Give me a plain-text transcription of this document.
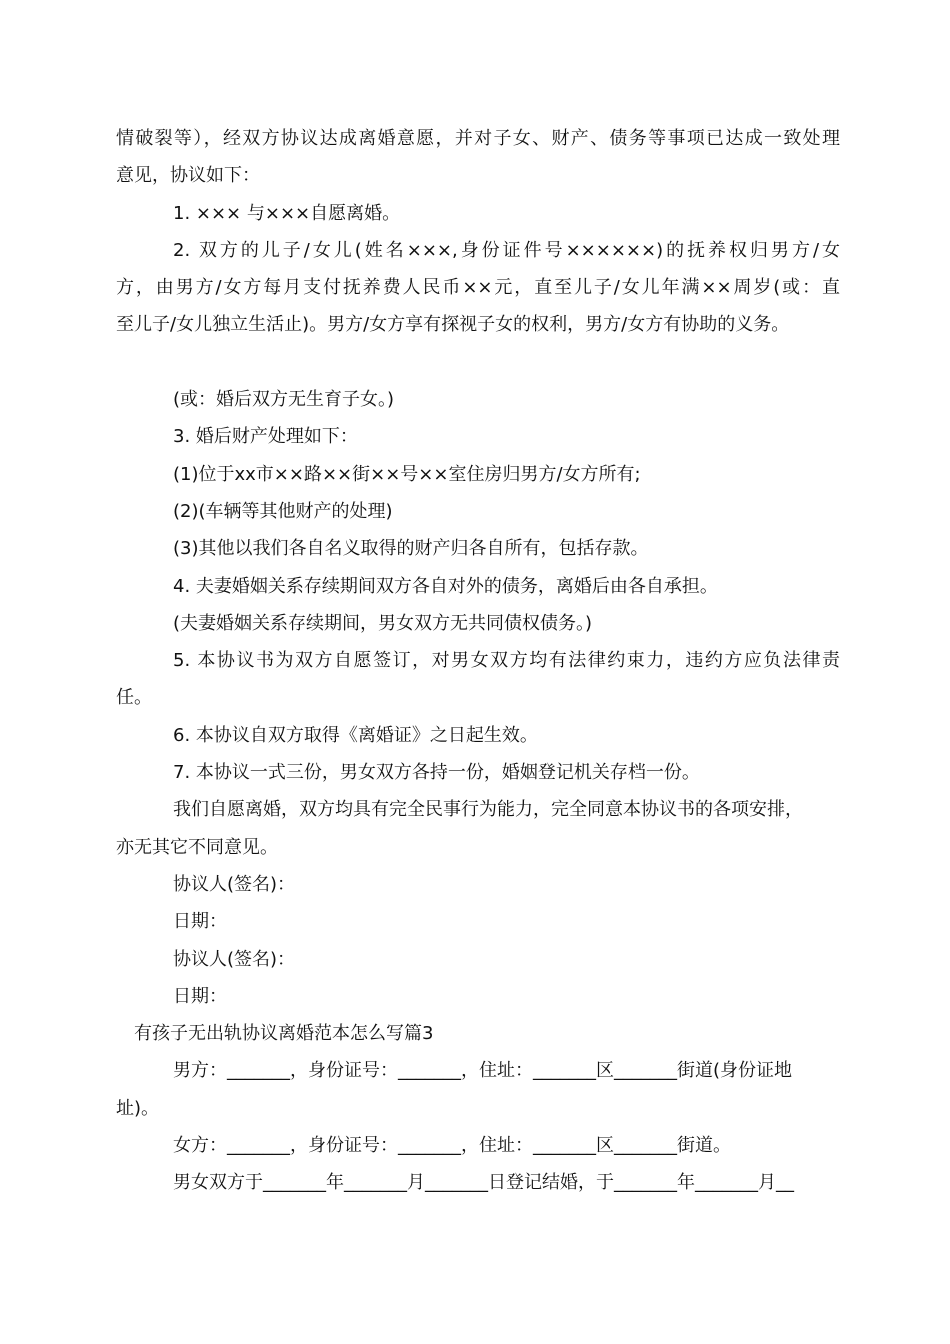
情破裂等），经双方协议达成离婚意愿，并对子女、财产、债务等事项已达成一致处理
意见，协议如下：
1. ××× 与×××自愿离婚。
2. 双方的儿子/女儿(姓名×××,身份证件号××××××)的抚养权归男方/女
方，由男方/女方每月支付抚养费人民币××元，直至儿子/女儿年满××周岁(或：直
至儿子/女儿独立生活止)。男方/女方享有探视子女的权利，男方/女方有协助的义务。
(或：婚后双方无生育子女。)
3. 婚后财产处理如下：
(1)位于xx市××路××街××号××室住房归男方/女方所有;
(2)(车辆等其他财产的处理)
(3)其他以我们各自名义取得的财产归各自所有，包括存款。
4. 夫妻婚姻关系存续期间双方各自对外的债务，离婚后由各自承担。
(夫妻婚姻关系存续期间，男女双方无共同债权债务。)
5. 本协议书为双方自愿签订，对男女双方均有法律约束力，违约方应负法律责
任。
6. 本协议自双方取得《离婚证》之日起生效。
7. 本协议一式三份，男女双方各持一份，婚姻登记机关存档一份。
我们自愿离婚，双方均具有完全民事行为能力，完全同意本协议书的各项安排，
亦无其它不同意见。
协议人(签名)：
日期：
协议人(签名)：
日期：
有孩子无出轨协议离婚范本怎么写篇3
男方：_______，身份证号：_______，住址：_______区_______街道(身份证地
址)。
女方：_______，身份证号：_______，住址：_______区_______街道。
男女双方于_______年_______月_______日登记结婚，于_______年_______月__
